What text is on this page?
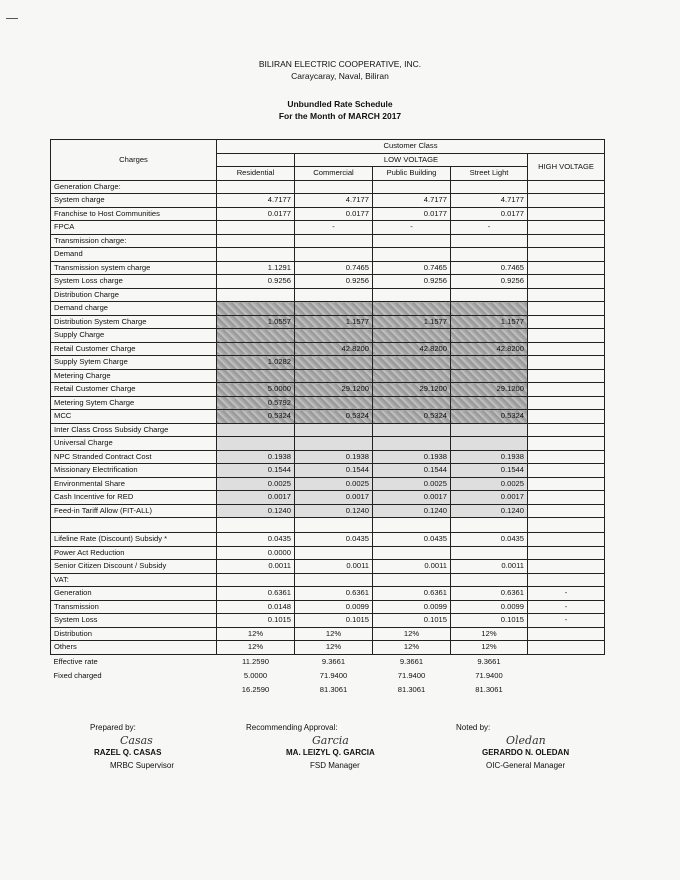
BILIRAN ELECTRIC COOPERATIVE, INC.
Caraycaray, Naval, Biliran
Unbundled Rate Schedule
For the Month of MARCH 2017
Charges	Customer Class				
		LOW VOLTAGE			HIGH VOLTAGE
	Residential	Commercial	Public Building	Street Light	
Generation Charge:					
System charge	4.7177	4.7177	4.7177	4.7177	
Franchise to Host Communities	0.0177	0.0177	0.0177	0.0177	
FPCA		-	-	-	
Transmission charge:					
Demand					
Transmission system charge	1.1291	0.7465	0.7465	0.7465	
System Loss charge	0.9256	0.9256	0.9256	0.9256	
Distribution Charge					
Demand charge					
Distribution System Charge	1.0557	1.1577	1.1577	1.1577	
Supply Charge					
Retail Customer Charge		42.8200	42.8200	42.8200	
Supply Sytem Charge	1.0282				
Metering Charge					
Retail Customer Charge	5.0000	29.1200	29.1200	29.1200	
Metering Sytem Charge	0.5792				
MCC	0.5324	0.5324	0.5324	0.5324	
Inter Class Cross Subsidy Charge					
Universal Charge					
NPC Stranded Contract Cost	0.1938	0.1938	0.1938	0.1938	
Missionary Electrification	0.1544	0.1544	0.1544	0.1544	
Environmental Share	0.0025	0.0025	0.0025	0.0025	
Cash Incentive for RED	0.0017	0.0017	0.0017	0.0017	
Feed-in Tariff Allow (FIT-ALL)	0.1240	0.1240	0.1240	0.1240	

Lifeline Rate (Discount) Subsidy *	0.0435	0.0435	0.0435	0.0435	
Power Act Reduction	0.0000				
Senior Citizen Discount / Subsidy	0.0011	0.0011	0.0011	0.0011	
VAT:					
Generation	0.6361	0.6361	0.6361	0.6361	-
Transmission	0.0148	0.0099	0.0099	0.0099	-
System Loss	0.1015	0.1015	0.1015	0.1015	-
Distribution	12%	12%	12%	12%	
Others	12%	12%	12%	12%	
Effective rate	11.2590	9.3661	9.3661	9.3661	
Fixed charged	5.0000	71.9400	71.9400	71.9400	
	16.2590	81.3061	81.3061	81.3061	
Prepared by:
Casas
RAZEL Q. CASAS
MRBC Supervisor
Recommending Approval:
Garcia
MA. LEIZYL Q. GARCIA
FSD Manager
Noted by:
Oledan
GERARDO N. OLEDAN
OIC-General Manager
